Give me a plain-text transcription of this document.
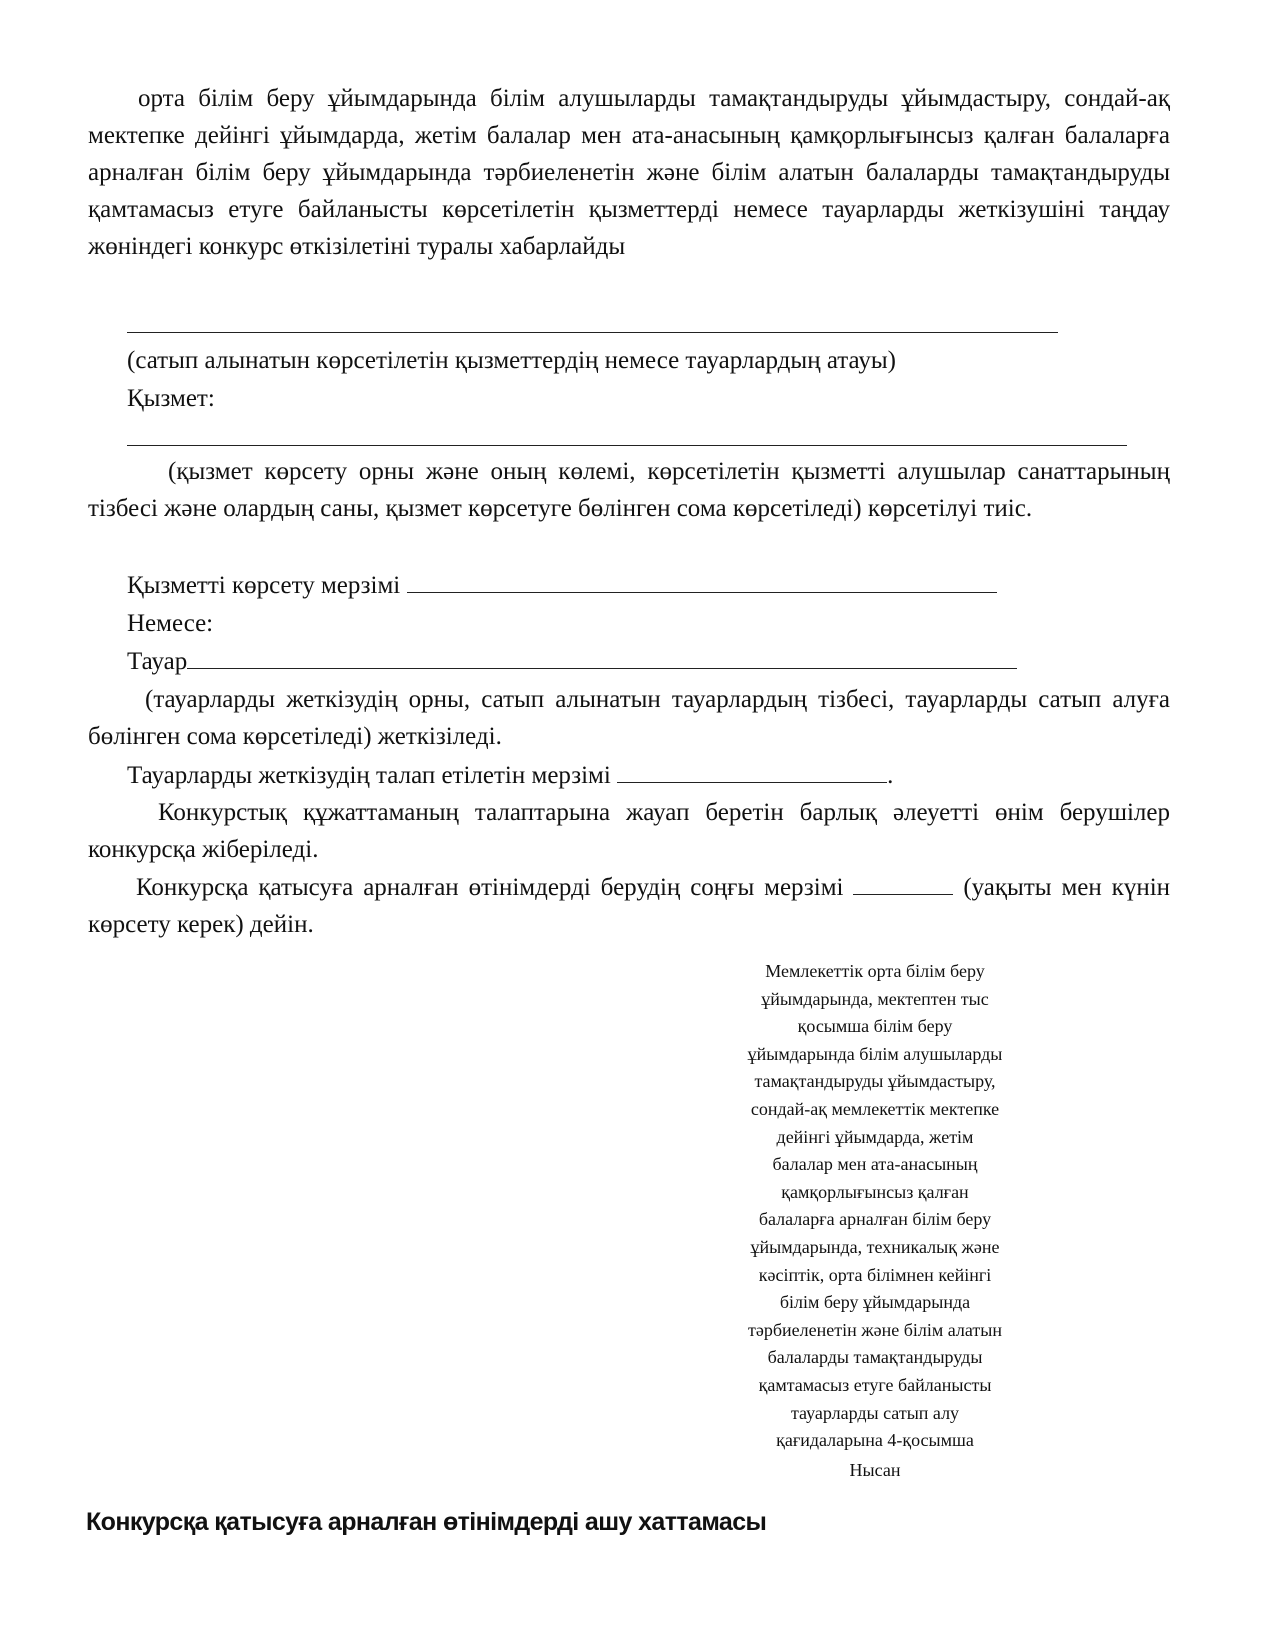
орта білім беру ұйымдарында білім алушыларды тамақтандыруды ұйымдастыру, сондай-ақ мектепке дейінгі ұйымдарда, жетім балалар мен ата-анасының қамқорлығынсыз қалған балаларға арналған білім беру ұйымдарында тәрбиеленетін және білім алатын балаларды тамақтандыруды қамтамасыз етуге байланысты көрсетілетін қызметтерді немесе тауарларды жеткізушіні таңдау жөніндегі конкурс өткізілетіні туралы хабарлайды

(сатып алынатын көрсетілетін қызметтердің немесе тауарлардың атауы)

Қызмет:

(қызмет көрсету орны және оның көлемі, көрсетілетін қызметті алушылар санаттарының тізбесі және олардың саны, қызмет көрсетуге бөлінген сома көрсетіледі) көрсетілуі тиіс.

Қызметті көрсету мерзімі

Немесе:

Тауар

(тауарларды жеткізудің орны, сатып алынатын тауарлардың тізбесі, тауарларды сатып алуға бөлінген сома көрсетіледі) жеткізіледі.

Тауарларды жеткізудің талап етілетін мерзімі	.

Конкурстық құжаттаманың талаптарына жауап беретін барлық әлеуетті өнім берушілер конкурсқа жіберіледі.

Конкурсқа қатысуға арналған өтінімдерді берудің соңғы мерзімі	(уақыты мен күнін көрсету керек) дейін.

Мемлекеттік орта білім беру
ұйымдарында, мектептен тыс
қосымша білім беру
ұйымдарында білім алушыларды
тамақтандыруды ұйымдастыру,
сондай-ақ мемлекеттік мектепке
дейінгі ұйымдарда, жетім
балалар мен ата-анасының
қамқорлығынсыз қалған
балаларға арналған білім беру
ұйымдарында, техникалық және
кәсіптік, орта білімнен кейінгі
білім беру ұйымдарында
тәрбиеленетін және білім алатын
балаларды тамақтандыруды
қамтамасыз етуге байланысты
тауарларды сатып алу
қағидаларына 4-қосымша
Нысан
Конкурсқа қатысуға арналған өтінімдерді ашу хаттамасы
